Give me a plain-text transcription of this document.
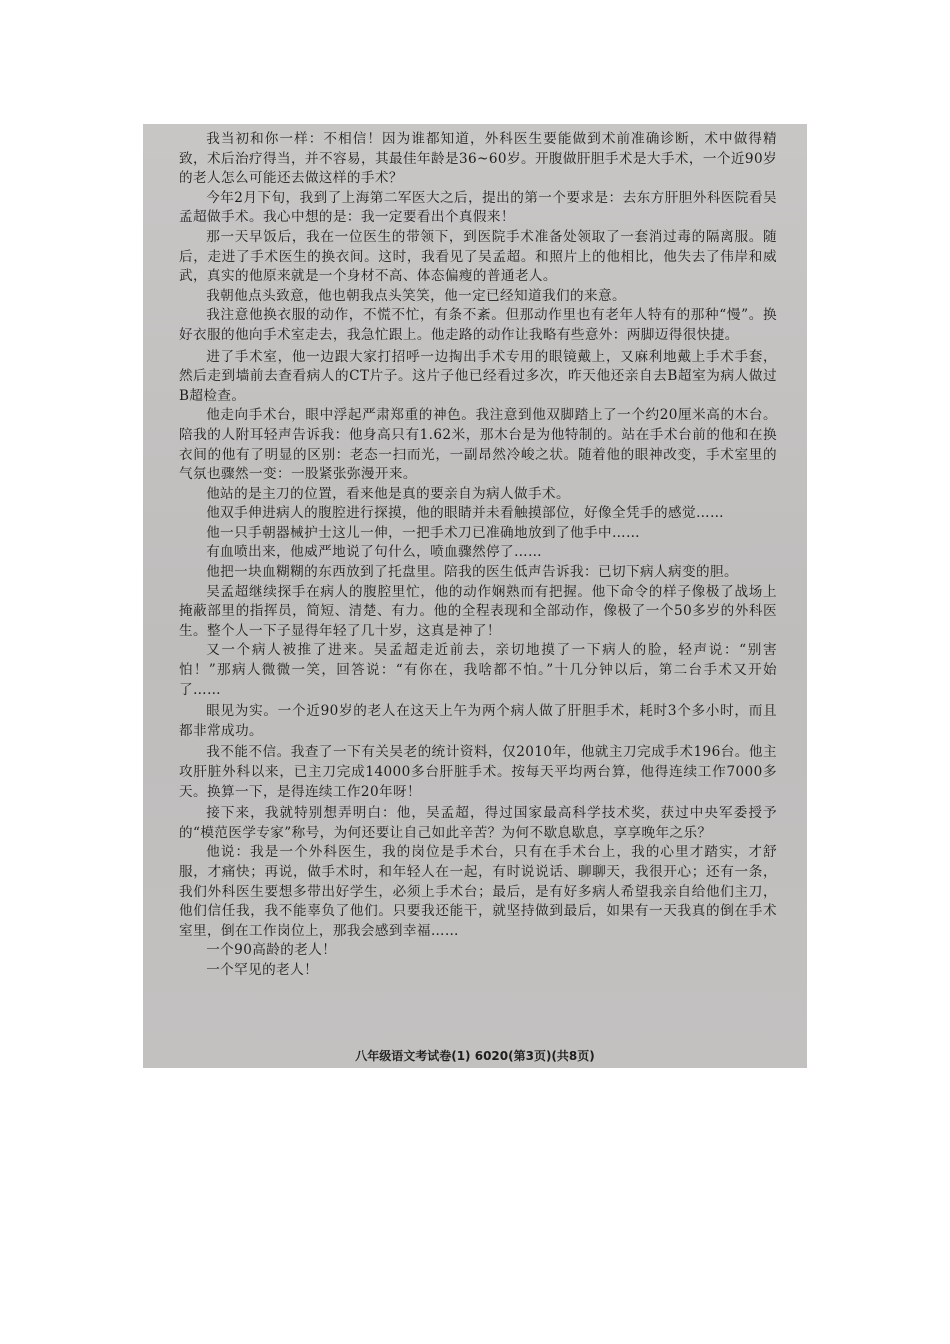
我当初和你一样：不相信！因为谁都知道，外科医生要能做到术前准确诊断，术中做得精致，术后治疗得当，并不容易，其最佳年龄是36~60岁。开腹做肝胆手术是大手术，一个近90岁的老人怎么可能还去做这样的手术？

今年2月下旬，我到了上海第二军医大之后，提出的第一个要求是：去东方肝胆外科医院看吴孟超做手术。我心中想的是：我一定要看出个真假来！

那一天早饭后，我在一位医生的带领下，到医院手术准备处领取了一套消过毒的隔离服。随后，走进了手术医生的换衣间。这时，我看见了吴孟超。和照片上的他相比，他失去了伟岸和威武，真实的他原来就是一个身材不高、体态偏瘦的普通老人。

我朝他点头致意，他也朝我点头笑笑，他一定已经知道我们的来意。

我注意他换衣服的动作，不慌不忙，有条不紊。但那动作里也有老年人特有的那种“慢”。换好衣服的他向手术室走去，我急忙跟上。他走路的动作让我略有些意外：两脚迈得很快捷。

进了手术室，他一边跟大家打招呼一边掏出手术专用的眼镜戴上，又麻利地戴上手术手套，然后走到墙前去查看病人的CT片子。这片子他已经看过多次，昨天他还亲自去B超室为病人做过B超检查。

他走向手术台，眼中浮起严肃郑重的神色。我注意到他双脚踏上了一个约20厘米高的木台。陪我的人附耳轻声告诉我：他身高只有1.62米，那木台是为他特制的。站在手术台前的他和在换衣间的他有了明显的区别：老态一扫而光，一副昂然冷峻之状。随着他的眼神改变，手术室里的气氛也骤然一变：一股紧张弥漫开来。

他站的是主刀的位置，看来他是真的要亲自为病人做手术。

他双手伸进病人的腹腔进行探摸，他的眼睛并未看触摸部位，好像全凭手的感觉……

他一只手朝器械护士这儿一伸，一把手术刀已准确地放到了他手中……

有血喷出来，他威严地说了句什么，喷血骤然停了……

他把一块血糊糊的东西放到了托盘里。陪我的医生低声告诉我：已切下病人病变的胆。

吴孟超继续探手在病人的腹腔里忙，他的动作娴熟而有把握。他下命令的样子像极了战场上掩蔽部里的指挥员，简短、清楚、有力。他的全程表现和全部动作，像极了一个50多岁的外科医生。整个人一下子显得年轻了几十岁，这真是神了！

又一个病人被推了进来。吴孟超走近前去，亲切地摸了一下病人的脸，轻声说：“别害怕！”那病人微微一笑，回答说：“有你在，我啥都不怕。”十几分钟以后，第二台手术又开始了……

眼见为实。一个近90岁的老人在这天上午为两个病人做了肝胆手术，耗时3个多小时，而且都非常成功。

我不能不信。我查了一下有关吴老的统计资料，仅2010年，他就主刀完成手术196台。他主攻肝脏外科以来，已主刀完成14000多台肝脏手术。按每天平均两台算，他得连续工作7000多天。换算一下，是得连续工作20年呀！

接下来，我就特别想弄明白：他，吴孟超，得过国家最高科学技术奖，获过中央军委授予的“模范医学专家”称号，为何还要让自己如此辛苦？为何不歇息歇息，享享晚年之乐？

他说：我是一个外科医生，我的岗位是手术台，只有在手术台上，我的心里才踏实，才舒服，才痛快；再说，做手术时，和年轻人在一起，有时说说话、聊聊天，我很开心；还有一条，我们外科医生要想多带出好学生，必须上手术台；最后，是有好多病人希望我亲自给他们主刀，他们信任我，我不能辜负了他们。只要我还能干，就坚持做到最后，如果有一天我真的倒在手术室里，倒在工作岗位上，那我会感到幸福……

一个90高龄的老人！

一个罕见的老人！

八年级语文考试卷(1) 6020(第3页)(共8页)
